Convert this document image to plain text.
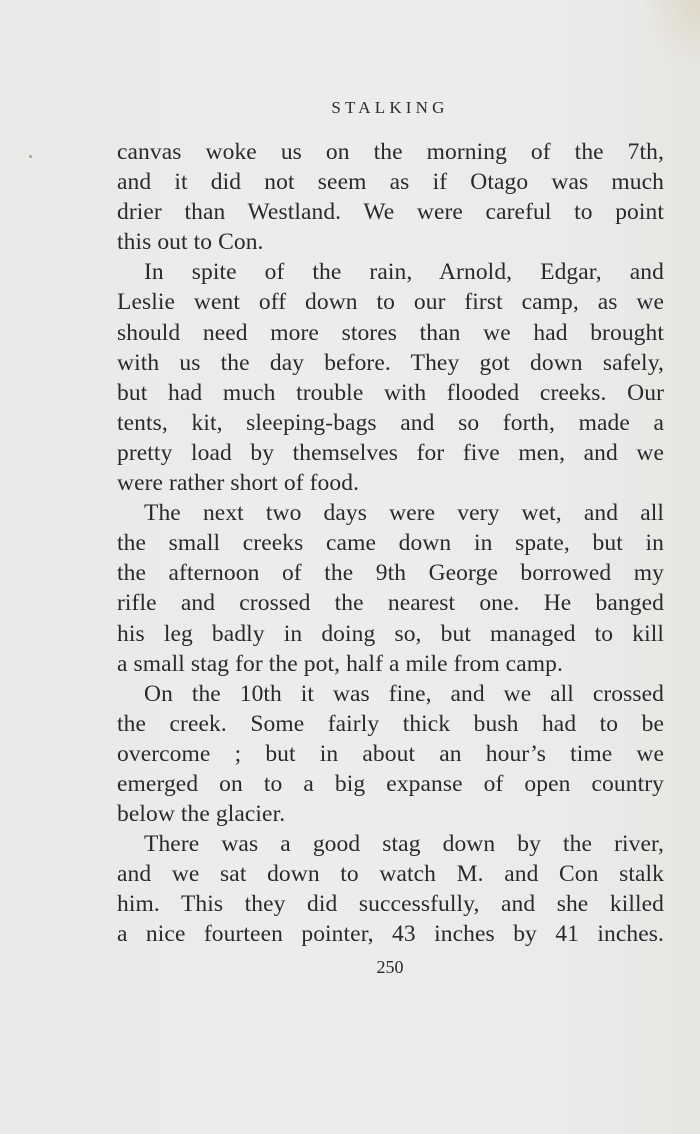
STALKING
canvas woke us on the morning of the 7th,
and it did not seem as if Otago was much
drier than Westland. We were careful to point
this out to Con.
In spite of the rain, Arnold, Edgar, and
Leslie went off down to our first camp, as we
should need more stores than we had brought
with us the day before. They got down safely,
but had much trouble with flooded creeks. Our
tents, kit, sleeping-bags and so forth, made a
pretty load by themselves for five men, and we
were rather short of food.
The next two days were very wet, and all
the small creeks came down in spate, but in
the afternoon of the 9th George borrowed my
rifle and crossed the nearest one. He banged
his leg badly in doing so, but managed to kill
a small stag for the pot, half a mile from camp.
On the 10th it was fine, and we all crossed
the creek. Some fairly thick bush had to be
overcome ; but in about an hour’s time we
emerged on to a big expanse of open country
below the glacier.
There was a good stag down by the river,
and we sat down to watch M. and Con stalk
him. This they did successfully, and she killed
a nice fourteen pointer, 43 inches by 41 inches.
250
